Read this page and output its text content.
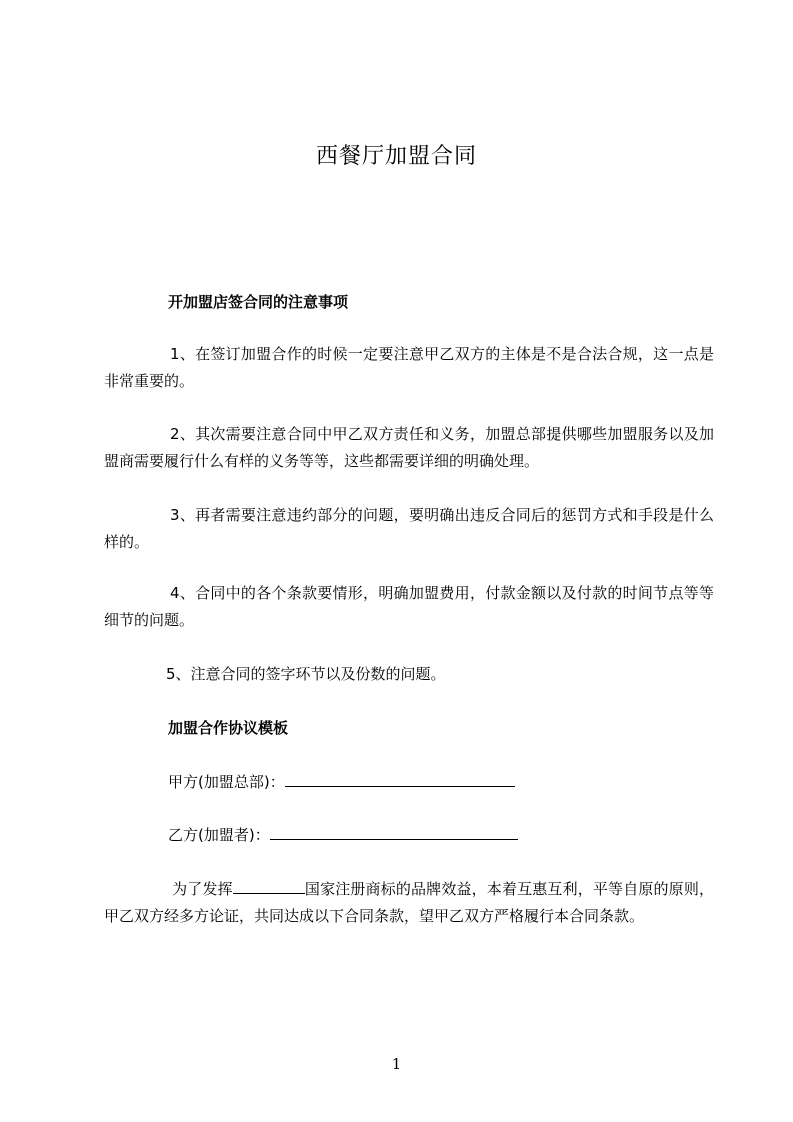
西餐厅加盟合同
开加盟店签合同的注意事项
1、在签订加盟合作的时候一定要注意甲乙双方的主体是不是合法合规，这一点是非常重要的。
2、其次需要注意合同中甲乙双方责任和义务，加盟总部提供哪些加盟服务以及加盟商需要履行什么有样的义务等等，这些都需要详细的明确处理。
3、再者需要注意违约部分的问题，要明确出违反合同后的惩罚方式和手段是什么样的。
4、合同中的各个条款要情形，明确加盟费用，付款金额以及付款的时间节点等等细节的问题。
5、注意合同的签字环节以及份数的问题。
加盟合作协议模板
甲方(加盟总部)：
乙方(加盟者)：
为了发挥	国家注册商标的品牌效益，本着互惠互利，平等自原的原则，甲乙双方经多方论证，共同达成以下合同条款，望甲乙双方严格履行本合同条款。
1
